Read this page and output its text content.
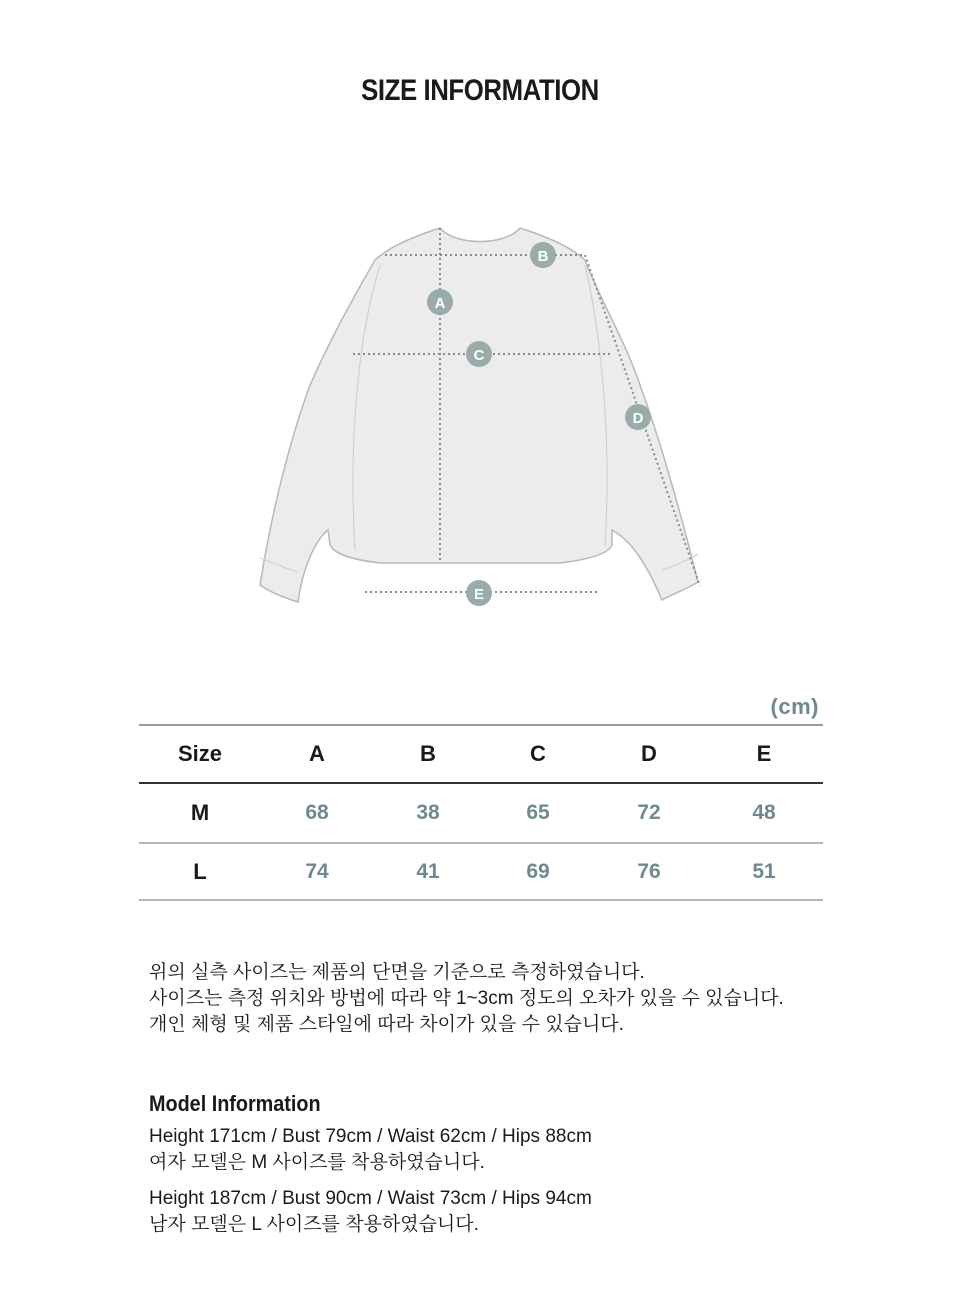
SIZE INFORMATION
A
B
C
D
E
(cm)
Size	A	B	C	D	E
M	68	38	65	72	48
L	74	41	69	76	51

위의 실측 사이즈는 제품의 단면을 기준으로 측정하였습니다.

사이즈는 측정 위치와 방법에 따라 약 1~3cm 정도의 오차가 있을 수 있습니다.

개인 체형 및 제품 스타일에 따라 차이가 있을 수 있습니다.

Model Information

Height 171cm / Bust 79cm / Waist 62cm / Hips 88cm

여자 모델은 M 사이즈를 착용하였습니다.

Height 187cm / Bust 90cm / Waist 73cm / Hips 94cm

남자 모델은 L 사이즈를 착용하였습니다.
